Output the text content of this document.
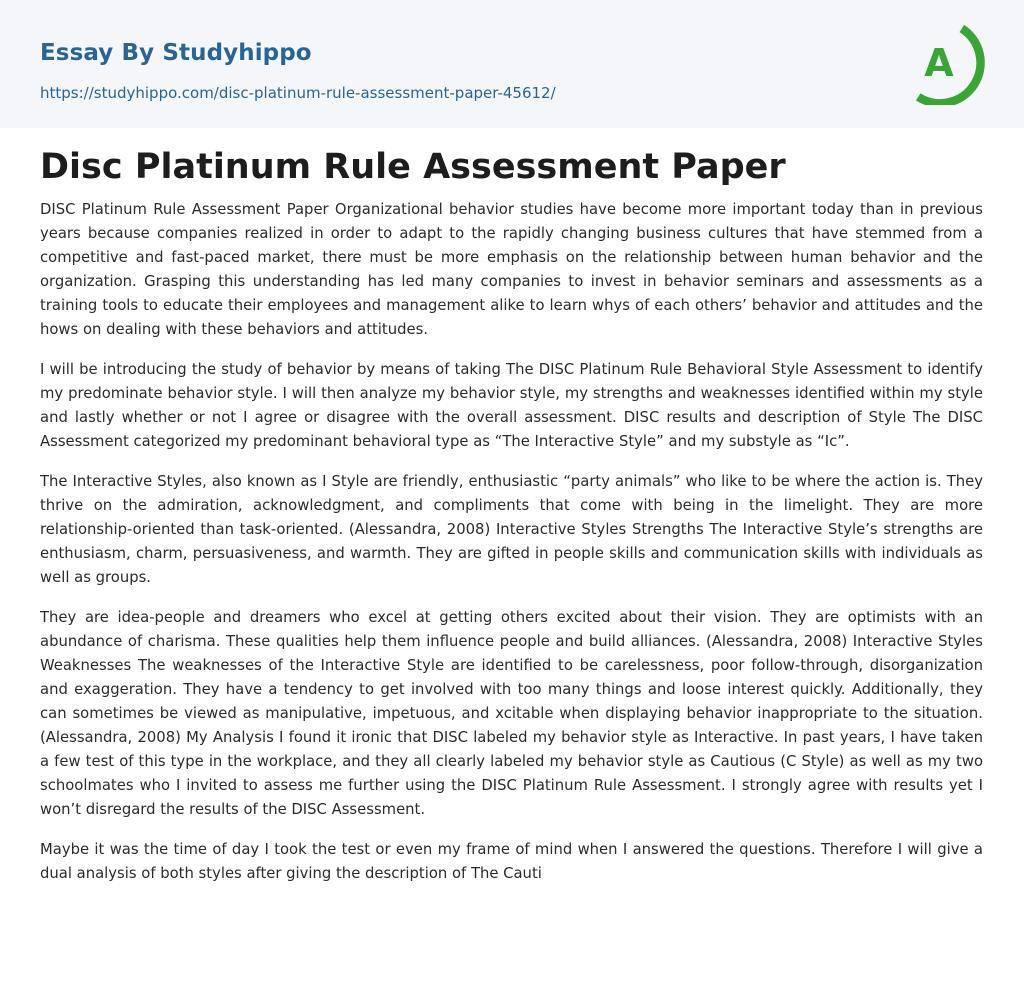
Essay By Studyhippo
https://studyhippo.com/disc-platinum-rule-assessment-paper-45612/
A
Disc Platinum Rule Assessment Paper

DISC Platinum Rule Assessment Paper Organizational behavior studies have become more important today than in previous years because companies realized in order to adapt to the rapidly changing business cultures that have stemmed from a competitive and fast-paced market, there must be more emphasis on the relationship between human behavior and the organization. Grasping this understanding has led many companies to invest in behavior seminars and assessments as a training tools to educate their employees and management alike to learn whys of each others’ behavior and attitudes and the hows on dealing with these behaviors and attitudes.

I will be introducing the study of behavior by means of taking The DISC Platinum Rule Behavioral Style Assessment to identify my predominate behavior style. I will then analyze my behavior style, my strengths and weaknesses identified within my style and lastly whether or not I agree or disagree with the overall assessment. DISC results and description of Style The DISC Assessment categorized my predominant behavioral type as “The Interactive Style” and my substyle as “Ic”.

The Interactive Styles, also known as I Style are friendly, enthusiastic “party animals” who like to be where the action is. They thrive on the admiration, acknowledgment, and compliments that come with being in the limelight. They are more relationship-oriented than task-oriented. (Alessandra, 2008) Interactive Styles Strengths The Interactive Style’s strengths are enthusiasm, charm, persuasiveness, and warmth. They are gifted in people skills and communication skills with individuals as well as groups.

They are idea-people and dreamers who excel at getting others excited about their vision. They are optimists with an abundance of charisma. These qualities help them influence people and build alliances. (Alessandra, 2008) Interactive Styles Weaknesses The weaknesses of the Interactive Style are identified to be carelessness, poor follow-through, disorganization and exaggeration. They have a tendency to get involved with too many things and loose interest quickly. Additionally, they can sometimes be viewed as manipulative, impetuous, and xcitable when displaying behavior inappropriate to the situation. (Alessandra, 2008) My Analysis I found it ironic that DISC labeled my behavior style as Interactive. In past years, I have taken a few test of this type in the workplace, and they all clearly labeled my behavior style as Cautious (C Style) as well as my two schoolmates who I invited to assess me further using the DISC Platinum Rule Assessment. I strongly agree with results yet I won’t disregard the results of the DISC Assessment.

Maybe it was the time of day I took the test or even my frame of mind when I answered the questions. Therefore I will give a dual analysis of both styles after giving the description of The Cauti
